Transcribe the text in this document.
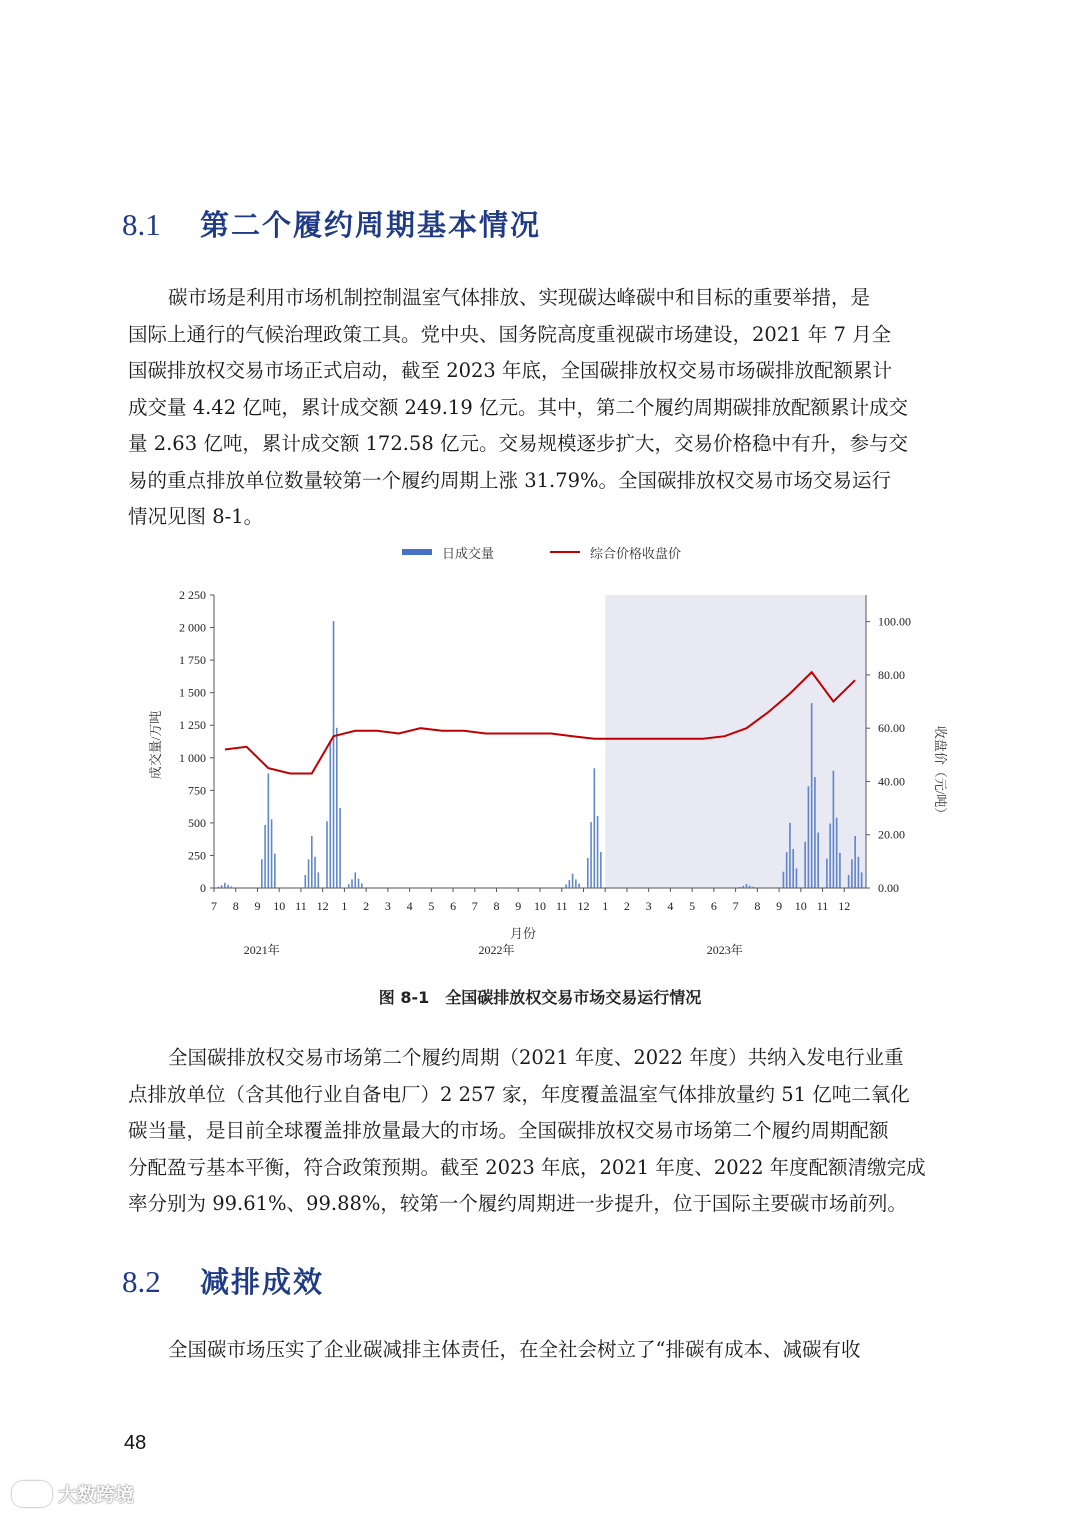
8.1	第二个履约周期基本情况
碳市场是利用市场机制控制温室气体排放、实现碳达峰碳中和目标的重要举措，是
国际上通行的气候治理政策工具。党中央、国务院高度重视碳市场建设，2021 年 7 月全
国碳排放权交易市场正式启动，截至 2023 年底，全国碳排放权交易市场碳排放配额累计
成交量 4.42 亿吨，累计成交额 249.19 亿元。其中，第二个履约周期碳排放配额累计成交
量 2.63 亿吨，累计成交额 172.58 亿元。交易规模逐步扩大，交易价格稳中有升，参与交
易的重点排放单位数量较第一个履约周期上涨 31.79%。全国碳排放权交易市场交易运行
情况见图 8-1。
日成交量	综合价格收盘价
0
250
500
750
1 000
1 250
1 500
1 750
2 000
2 250
0.00
20.00
40.00
60.00
80.00
100.00
7 8 9 10 11 12 1 2 3 4 5 6 7 8 9 10 11 12 1 2 3 4 5 6 7 8 9 10 11 12
2021年	2022年	2023年
成交量/万吨	收盘价（元/吨）
月份
图 8-1　全国碳排放权交易市场交易运行情况
全国碳排放权交易市场第二个履约周期（2021 年度、2022 年度）共纳入发电行业重
点排放单位（含其他行业自备电厂）2 257 家，年度覆盖温室气体排放量约 51 亿吨二氧化
碳当量，是目前全球覆盖排放量最大的市场。全国碳排放权交易市场第二个履约周期配额
分配盈亏基本平衡，符合政策预期。截至 2023 年底，2021 年度、2022 年度配额清缴完成
率分别为 99.61%、99.88%，较第一个履约周期进一步提升，位于国际主要碳市场前列。
8.2	减排成效
全国碳市场压实了企业碳减排主体责任，在全社会树立了“排碳有成本、减碳有收
48
大数跨境
